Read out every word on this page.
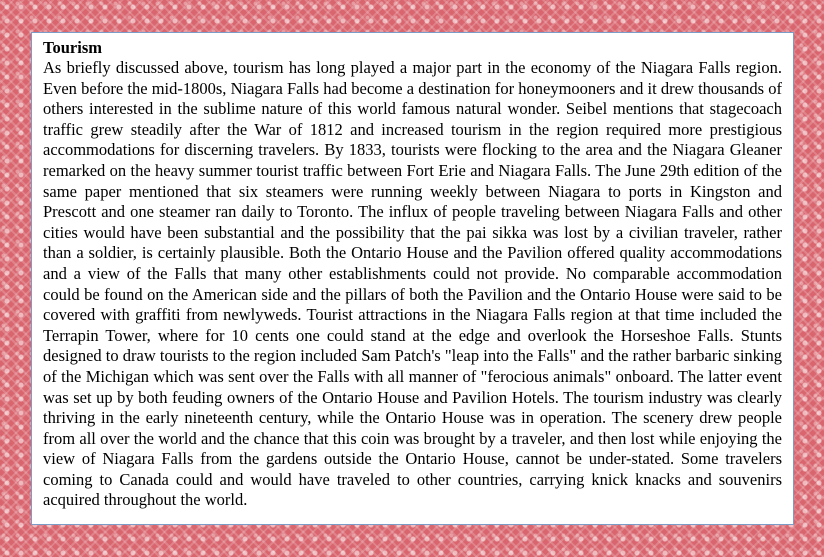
Tourism

As briefly discussed above, tourism has long played a major part in the economy of the Niagara Falls region. Even before the mid-1800s, Niagara Falls had become a destination for honeymooners and it drew thousands of others interested in the sublime nature of this world famous natural wonder. Seibel mentions that stagecoach traffic grew steadily after the War of 1812 and increased tourism in the region required more prestigious accommodations for discerning travelers. By 1833, tourists were flocking to the area and the Niagara Gleaner remarked on the heavy summer tourist traffic between Fort Erie and Niagara Falls. The June 29th edition of the same paper mentioned that six steamers were running weekly between Niagara to ports in Kingston and Prescott and one steamer ran daily to Toronto. The influx of people traveling between Niagara Falls and other cities would have been substantial and the possibility that the pai sikka was lost by a civilian traveler, rather than a soldier, is certainly plausible. Both the Ontario House and the Pavilion offered quality accommodations and a view of the Falls that many other establishments could not provide. No comparable accommodation could be found on the American side and the pillars of both the Pavilion and the Ontario House were said to be covered with graffiti from newlyweds. Tourist attractions in the Niagara Falls region at that time included the Terrapin Tower, where for 10 cents one could stand at the edge and overlook the Horseshoe Falls. Stunts designed to draw tourists to the region included Sam Patch's "leap into the Falls" and the rather barbaric sinking of the Michigan which was sent over the Falls with all manner of "ferocious animals" onboard. The latter event was set up by both feuding owners of the Ontario House and Pavilion Hotels. The tourism industry was clearly thriving in the early nineteenth century, while the Ontario House was in operation. The scenery drew people from all over the world and the chance that this coin was brought by a traveler, and then lost while enjoying the view of Niagara Falls from the gardens outside the Ontario House, cannot be under-stated. Some travelers coming to Canada could and would have traveled to other countries, carrying knick knacks and souvenirs acquired throughout the world.
